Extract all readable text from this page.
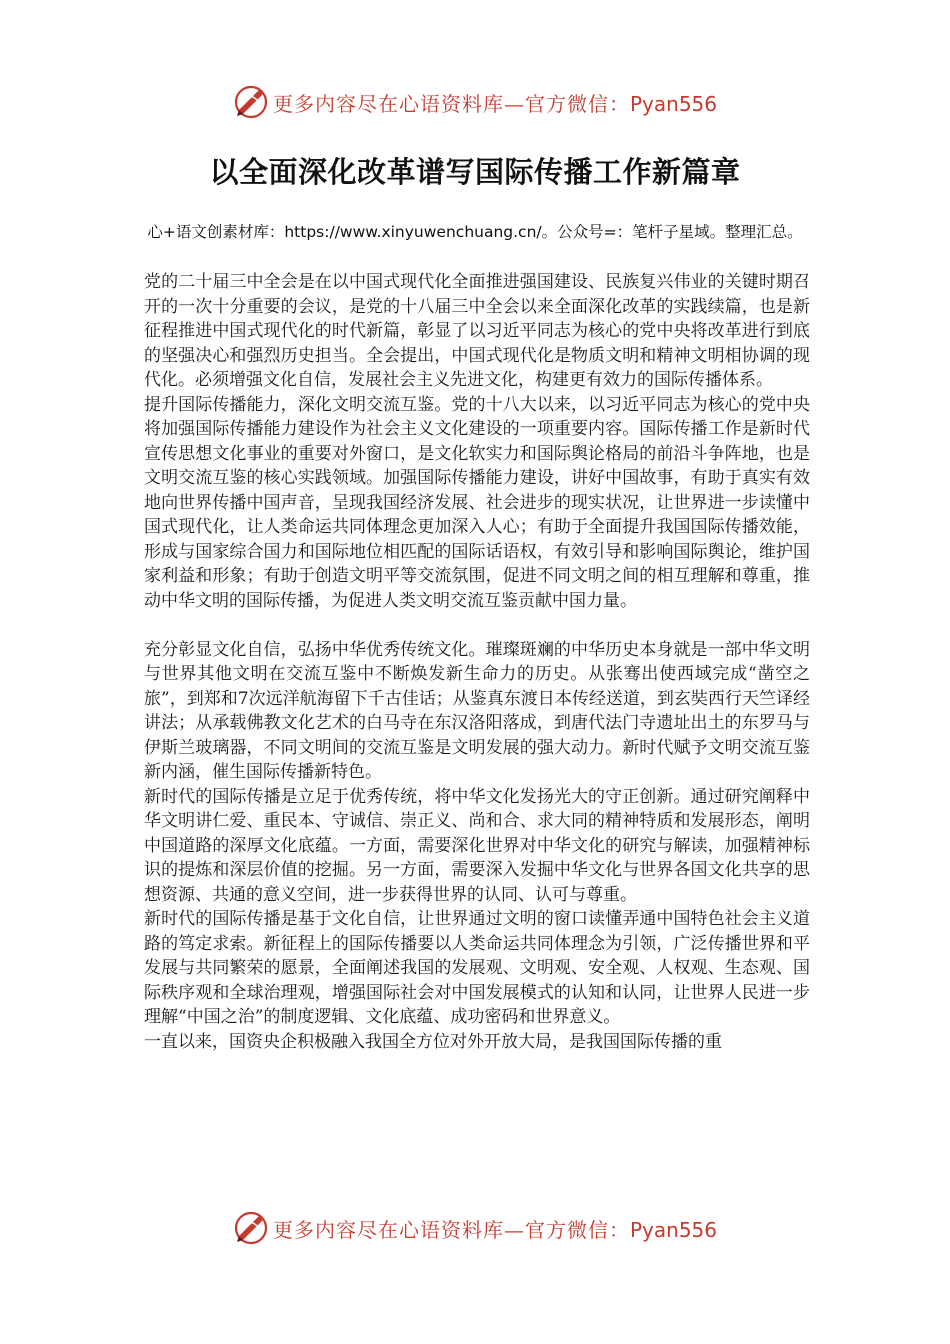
更多内容尽在心语资料库—官方微信：Pyan556
以全面深化改革谱写国际传播工作新篇章
心+语文创素材库：https://www.xinyuwenchuang.cn/。公众号=：笔杆子星域。整理汇总。

党的二十届三中全会是在以中国式现代化全面推进强国建设、民族复兴伟业的关键时期召开的一次十分重要的会议，是党的十八届三中全会以来全面深化改革的实践续篇，也是新征程推进中国式现代化的时代新篇，彰显了以习近平同志为核心的党中央将改革进行到底的坚强决心和强烈历史担当。全会提出，中国式现代化是物质文明和精神文明相协调的现代化。必须增强文化自信，发展社会主义先进文化，构建更有效力的国际传播体系。

提升国际传播能力，深化文明交流互鉴。党的十八大以来，以习近平同志为核心的党中央将加强国际传播能力建设作为社会主义文化建设的一项重要内容。国际传播工作是新时代宣传思想文化事业的重要对外窗口，是文化软实力和国际舆论格局的前沿斗争阵地，也是文明交流互鉴的核心实践领域。加强国际传播能力建设，讲好中国故事，有助于真实有效地向世界传播中国声音，呈现我国经济发展、社会进步的现实状况，让世界进一步读懂中国式现代化，让人类命运共同体理念更加深入人心；有助于全面提升我国国际传播效能，形成与国家综合国力和国际地位相匹配的国际话语权，有效引导和影响国际舆论，维护国家利益和形象；有助于创造文明平等交流氛围，促进不同文明之间的相互理解和尊重，推动中华文明的国际传播，为促进人类文明交流互鉴贡献中国力量。

充分彰显文化自信，弘扬中华优秀传统文化。璀璨斑斓的中华历史本身就是一部中华文明与世界其他文明在交流互鉴中不断焕发新生命力的历史。从张骞出使西域完成“凿空之旅”，到郑和7次远洋航海留下千古佳话；从鉴真东渡日本传经送道，到玄奘西行天竺译经讲法；从承载佛教文化艺术的白马寺在东汉洛阳落成，到唐代法门寺遗址出土的东罗马与伊斯兰玻璃器，不同文明间的交流互鉴是文明发展的强大动力。新时代赋予文明交流互鉴新内涵，催生国际传播新特色。

新时代的国际传播是立足于优秀传统，将中华文化发扬光大的守正创新。通过研究阐释中华文明讲仁爱、重民本、守诚信、崇正义、尚和合、求大同的精神特质和发展形态，阐明中国道路的深厚文化底蕴。一方面，需要深化世界对中华文化的研究与解读，加强精神标识的提炼和深层价值的挖掘。另一方面，需要深入发掘中华文化与世界各国文化共享的思想资源、共通的意义空间，进一步获得世界的认同、认可与尊重。

新时代的国际传播是基于文化自信，让世界通过文明的窗口读懂弄通中国特色社会主义道路的笃定求索。新征程上的国际传播要以人类命运共同体理念为引领，广泛传播世界和平发展与共同繁荣的愿景，全面阐述我国的发展观、文明观、安全观、人权观、生态观、国际秩序观和全球治理观，增强国际社会对中国发展模式的认知和认同，让世界人民进一步理解“中国之治”的制度逻辑、文化底蕴、成功密码和世界意义。

一直以来，国资央企积极融入我国全方位对外开放大局，是我国国际传播的重

更多内容尽在心语资料库—官方微信：Pyan556
